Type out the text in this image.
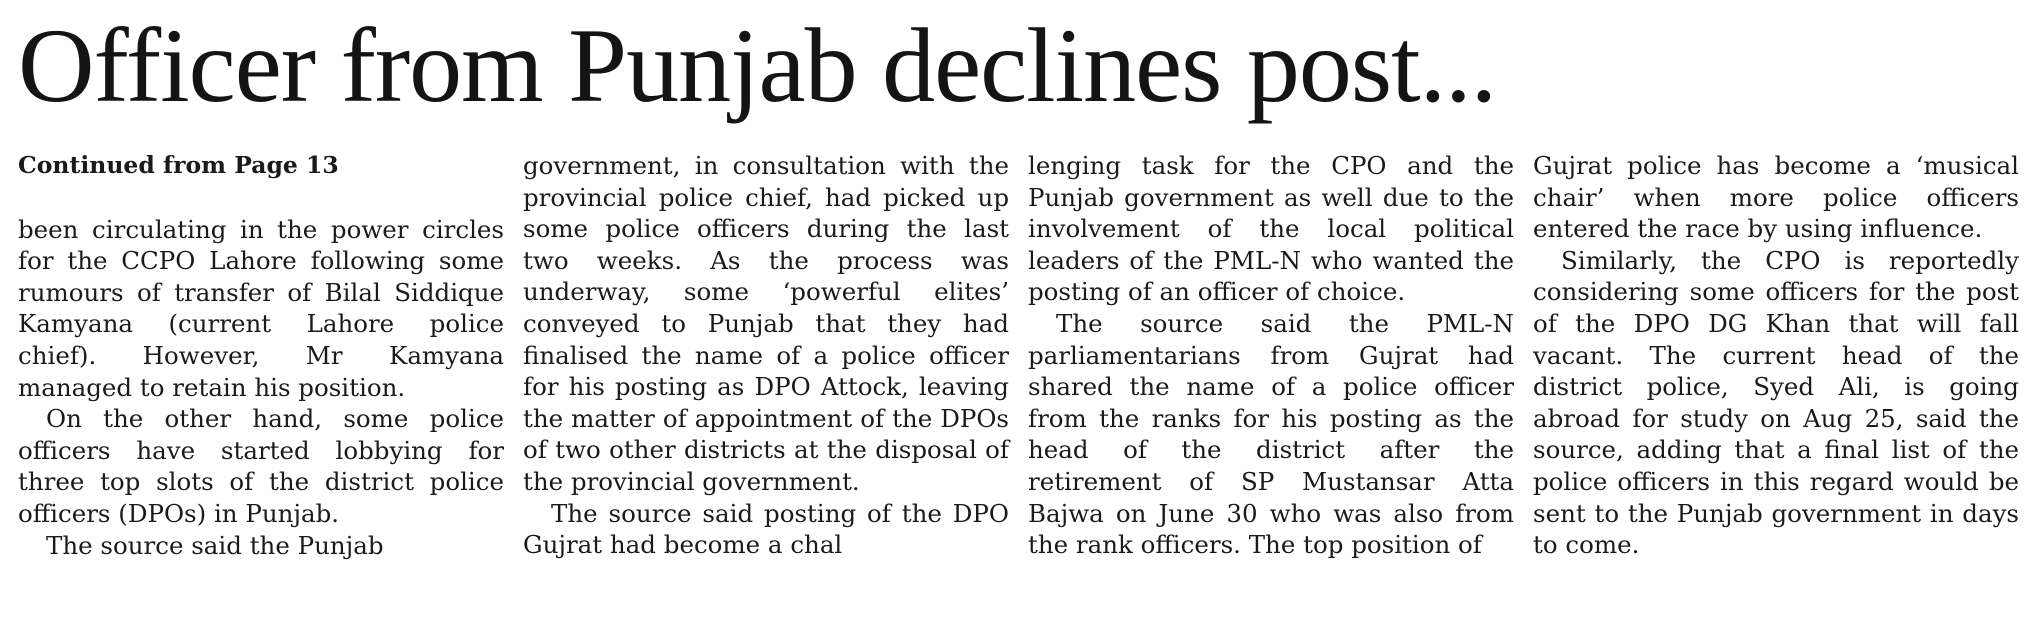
Officer from Punjab declines post...
Continued from Page 13

been circulating in the power circles for the CCPO Lahore following some rumours of transfer of Bilal Siddique Kamyana (current Lahore police chief). However, Mr Kamyana managed to retain his position.

On the other hand, some police officers have started lobbying for three top slots of the district police officers (DPOs) in Punjab.

The source said the Punjab

government, in consultation with the provincial police chief, had picked up some police officers during the last two weeks. As the process was underway, some ‘powerful elites’ conveyed to Punjab that they had finalised the name of a police officer for his posting as DPO Attock, leaving the matter of appointment of the DPOs of two other districts at the disposal of the provincial government.

The source said posting of the DPO Gujrat had become a chal

lenging task for the CPO and the Punjab government as well due to the involvement of the local political leaders of the PML-N who wanted the posting of an officer of choice.

The source said the PML-N parliamentarians from Gujrat had shared the name of a police officer from the ranks for his posting as the head of the district after the retirement of SP Mustansar Atta Bajwa on June 30 who was also from the rank officers. The top position of

Gujrat police has become a ‘musical chair’ when more police officers entered the race by using influence.

Similarly, the CPO is reportedly considering some officers for the post of the DPO DG Khan that will fall vacant. The current head of the district police, Syed Ali, is going abroad for study on Aug 25, said the source, adding that a final list of the police officers in this regard would be sent to the Punjab government in days to come.
